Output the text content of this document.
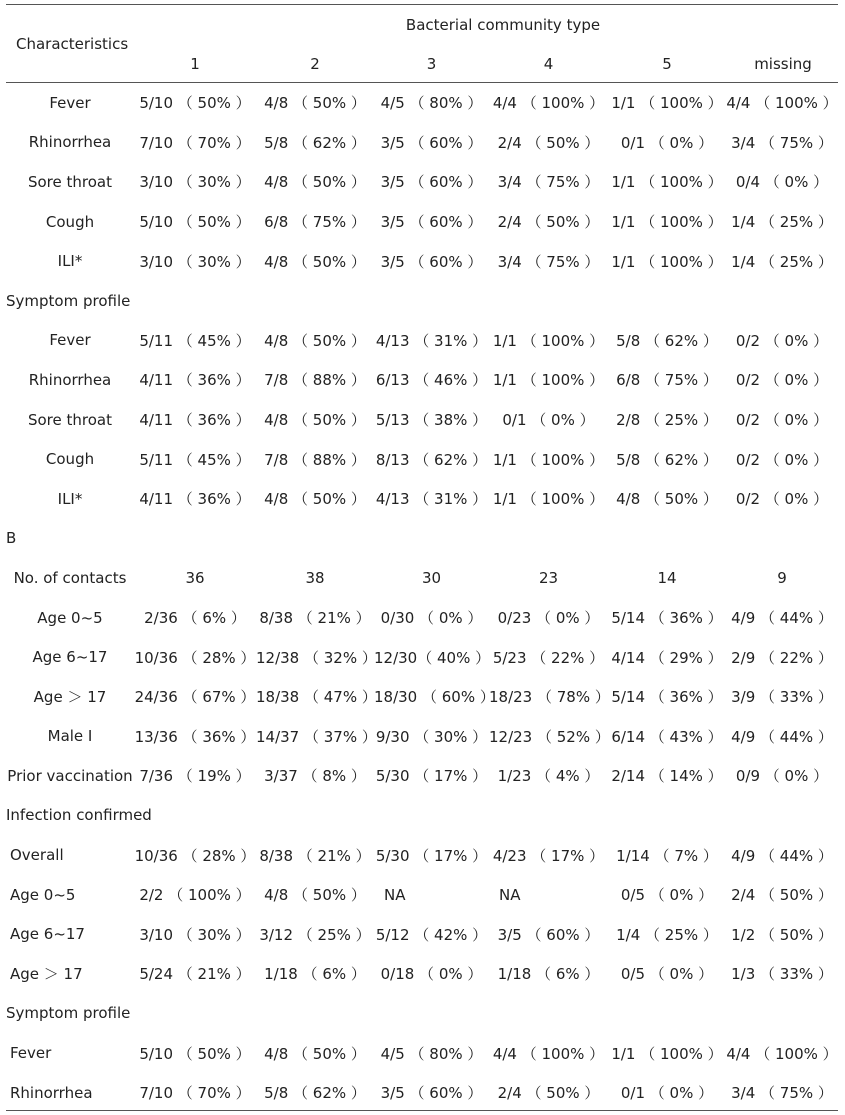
Characteristics
Bacterial community type
1	2	3	4	5	missing
Fever	5/10 （ 50% ）	4/8 （ 50% ）	4/5 （ 80% ）	4/4 （ 100% ）	1/1 （ 100% ）	4/4 （ 100% ）
Rhinorrhea	7/10 （ 70% ）	5/8 （ 62% ）	3/5 （ 60% ）	2/4 （ 50% ）	0/1 （ 0% ）	3/4 （ 75% ）
Sore throat	3/10 （ 30% ）	4/8 （ 50% ）	3/5 （ 60% ）	3/4 （ 75% ）	1/1 （ 100% ）	0/4 （ 0% ）
Cough	5/10 （ 50% ）	6/8 （ 75% ）	3/5 （ 60% ）	2/4 （ 50% ）	1/1 （ 100% ）	1/4 （ 25% ）
ILI*	3/10 （ 30% ）	4/8 （ 50% ）	3/5 （ 60% ）	3/4 （ 75% ）	1/1 （ 100% ）	1/4 （ 25% ）
Symptom profile						
Fever	5/11 （ 45% ）	4/8 （ 50% ）	4/13 （ 31% ）	1/1 （ 100% ）	5/8 （ 62% ）	0/2 （ 0% ）
Rhinorrhea	4/11 （ 36% ）	7/8 （ 88% ）	6/13 （ 46% ）	1/1 （ 100% ）	6/8 （ 75% ）	0/2 （ 0% ）
Sore throat	4/11 （ 36% ）	4/8 （ 50% ）	5/13 （ 38% ）	0/1 （ 0% ）	2/8 （ 25% ）	0/2 （ 0% ）
Cough	5/11 （ 45% ）	7/8 （ 88% ）	8/13 （ 62% ）	1/1 （ 100% ）	5/8 （ 62% ）	0/2 （ 0% ）
ILI*	4/11 （ 36% ）	4/8 （ 50% ）	4/13 （ 31% ）	1/1 （ 100% ）	4/8 （ 50% ）	0/2 （ 0% ）
B						
No. of contacts	36	38	30	23	14	9
Age 0~5	2/36 （ 6% ）	8/38 （ 21% ）	0/30 （ 0% ）	0/23 （ 0% ）	5/14 （ 36% ）	4/9 （ 44% ）
Age 6~17	10/36 （ 28% ）	12/38 （ 32% ）	12/30（ 40% ）	5/23 （ 22% ）	4/14 （ 29% ）	2/9 （ 22% ）
Age ＞ 17	24/36 （ 67% ）	18/38 （ 47% ）	18/30 （ 60% ）	18/23 （ 78% ）	5/14 （ 36% ）	3/9 （ 33% ）
Male I	13/36 （ 36% ）	14/37 （ 37% ）	9/30 （ 30% ）	12/23 （ 52% ）	6/14 （ 43% ）	4/9 （ 44% ）
Prior vaccination	7/36 （ 19% ）	3/37 （ 8% ）	5/30 （ 17% ）	1/23 （ 4% ）	2/14 （ 14% ）	0/9 （ 0% ）
Infection confirmed						
Overall	10/36 （ 28% ）	8/38 （ 21% ）	5/30 （ 17% ）	4/23 （ 17% ）	1/14 （ 7% ）	4/9 （ 44% ）
Age 0~5	2/2 （ 100% ）	4/8 （ 50% ）	NA	NA	0/5 （ 0% ）	2/4 （ 50% ）
Age 6~17	3/10 （ 30% ）	3/12 （ 25% ）	5/12 （ 42% ）	3/5 （ 60% ）	1/4 （ 25% ）	1/2 （ 50% ）
Age ＞ 17	5/24 （ 21% ）	1/18 （ 6% ）	0/18 （ 0% ）	1/18 （ 6% ）	0/5 （ 0% ）	1/3 （ 33% ）
Symptom profile						
Fever	5/10 （ 50% ）	4/8 （ 50% ）	4/5 （ 80% ）	4/4 （ 100% ）	1/1 （ 100% ）	4/4 （ 100% ）
Rhinorrhea	7/10 （ 70% ）	5/8 （ 62% ）	3/5 （ 60% ）	2/4 （ 50% ）	0/1 （ 0% ）	3/4 （ 75% ）
